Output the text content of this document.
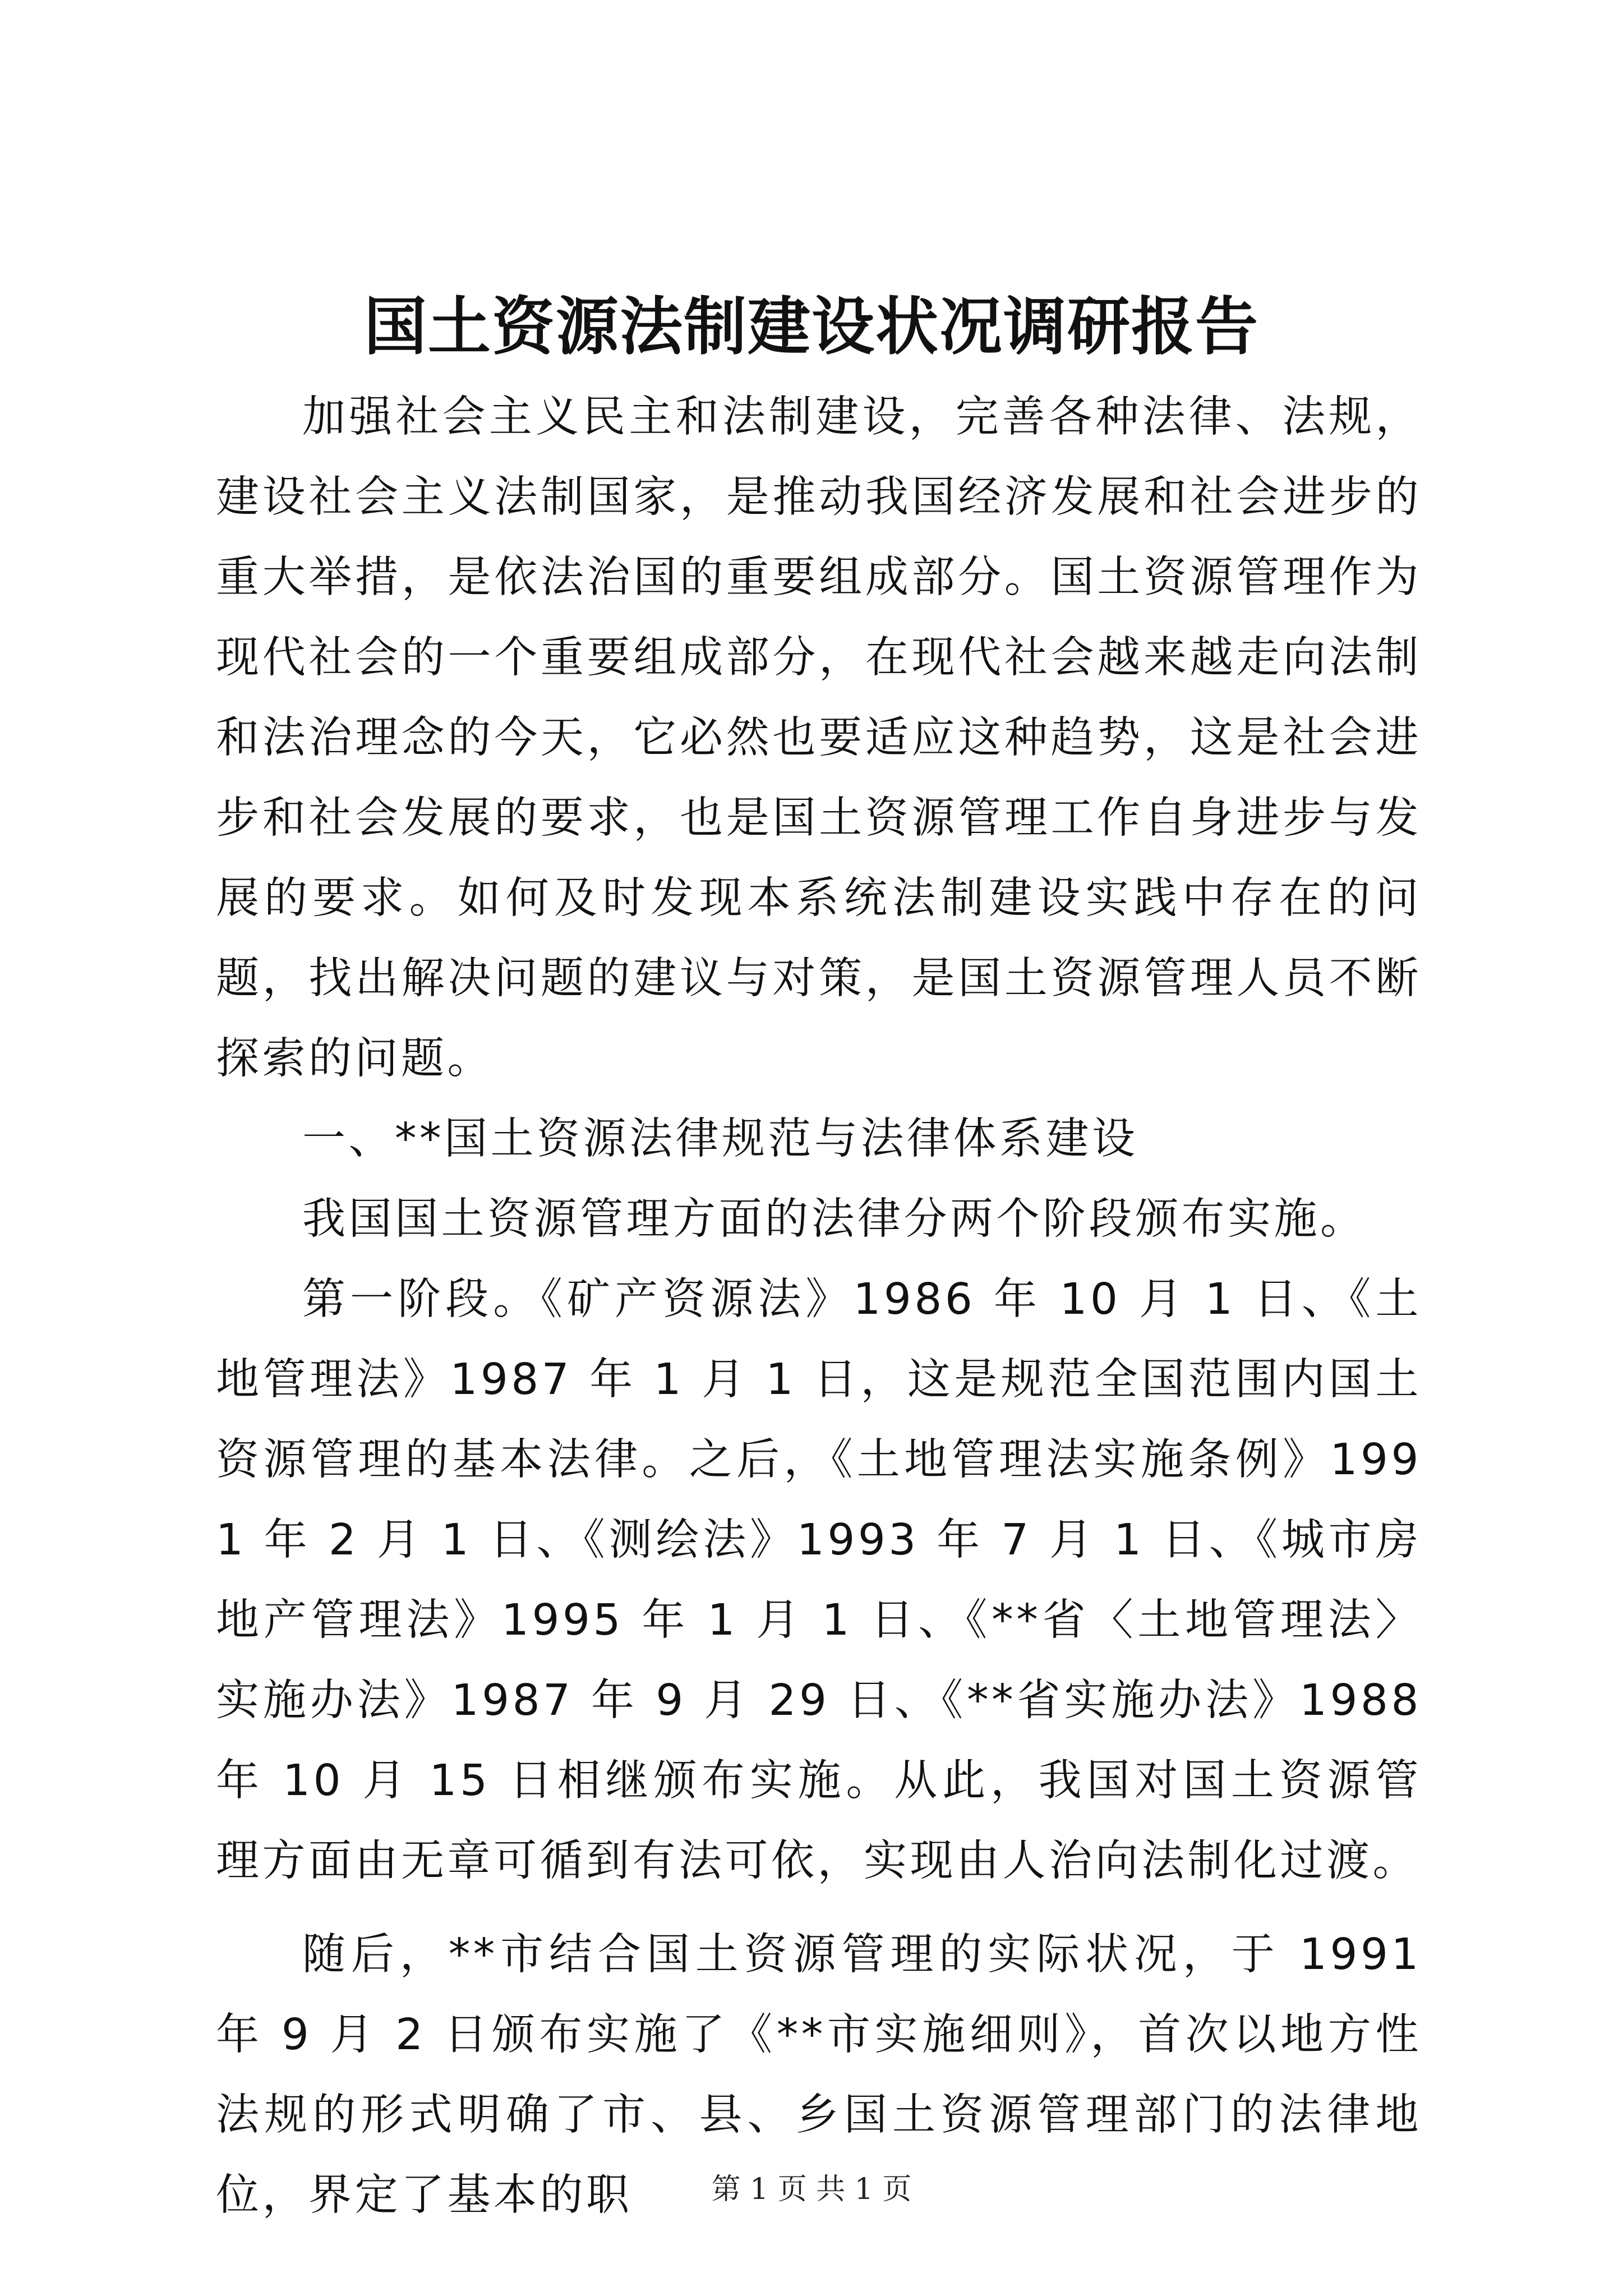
国土资源法制建设状况调研报告

加强社会主义民主和法制建设，完善各种法律、法规，建设社会主义法制国家，是推动我国经济发展和社会进步的重大举措，是依法治国的重要组成部分。国土资源管理作为现代社会的一个重要组成部分，在现代社会越来越走向法制和法治理念的今天，它必然也要适应这种趋势，这是社会进步和社会发展的要求，也是国土资源管理工作自身进步与发展的要求。如何及时发现本系统法制建设实践中存在的问题，找出解决问题的建议与对策，是国土资源管理人员不断探索的问题。

一、**国土资源法律规范与法律体系建设

我国国土资源管理方面的法律分两个阶段颁布实施。

第一阶段。《矿产资源法》1986 年 10 月 1 日、《土地管理法》1987 年 1 月 1 日，这是规范全国范围内国土资源管理的基本法律。之后，《土地管理法实施条例》1991 年 2 月 1 日、《测绘法》1993 年 7 月 1 日、《城市房地产管理法》1995 年 1 月 1 日、《**省〈土地管理法〉实施办法》1987 年 9 月 29 日、《**省实施办法》1988 年 10 月 15 日相继颁布实施。从此，我国对国土资源管理方面由无章可循到有法可依，实现由人治向法制化过渡。

随后，**市结合国土资源管理的实际状况，于 1991 年 9 月 2 日颁布实施了《**市实施细则》，首次以地方性法规的形式明确了市、县、乡国土资源管理部门的法律地位，界定了基本的职	第 1 页 共 1 页
